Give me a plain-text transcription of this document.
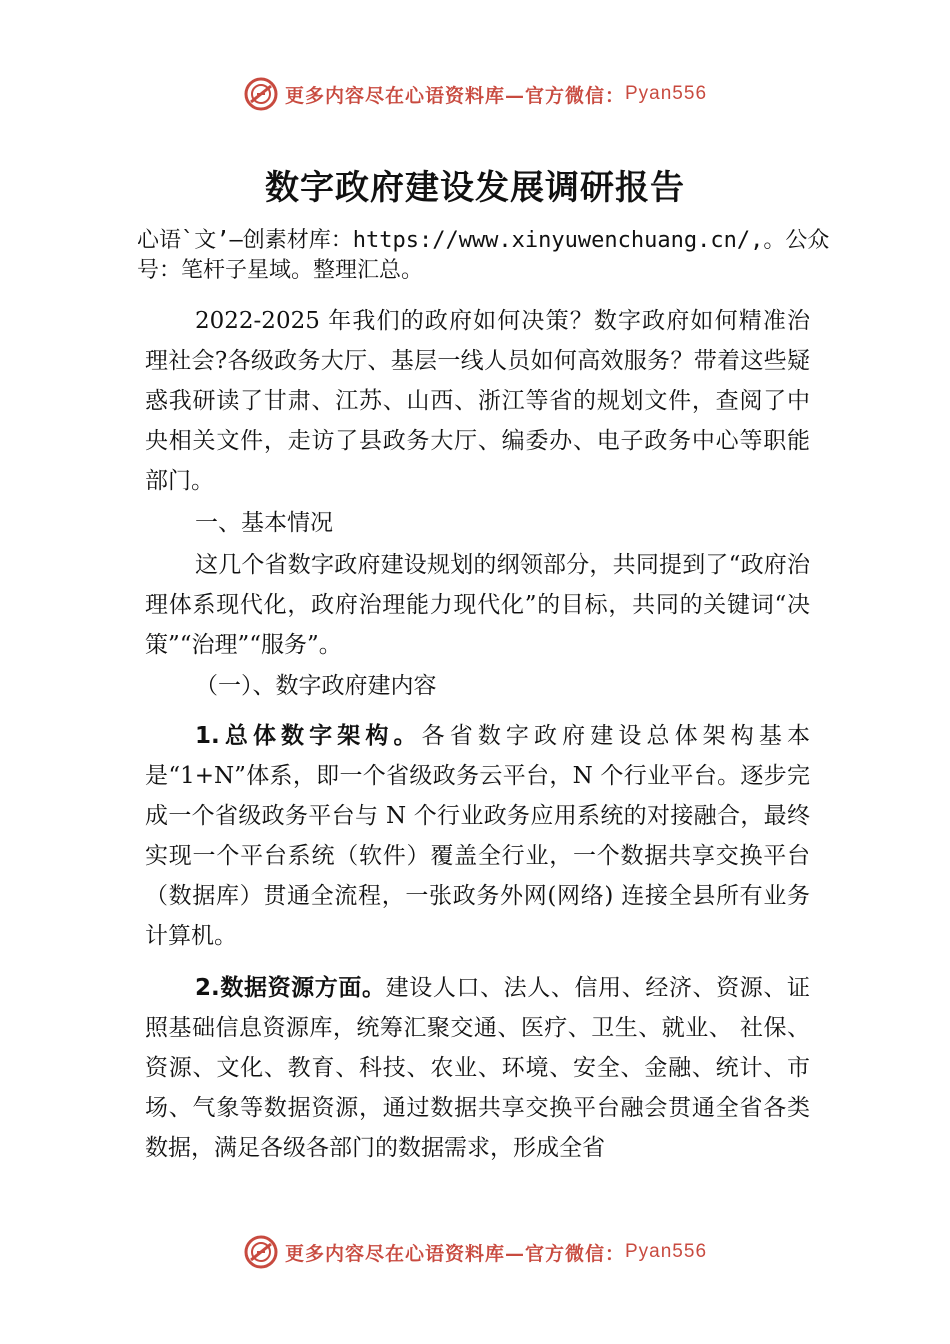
更多内容尽在心语资料库—官方微信： Pyan556
数字政府建设发展调研报告
心语`文’—创素材库：https://www.xinyuwenchuang.cn/,。公众号：笔杆子星域。整理汇总。
2022-2025 年我们的政府如何决策？数字政府如何精准治理社会?各级政务大厅、基层一线人员如何高效服务？带着这些疑惑我研读了甘肃、江苏、山西、浙江等省的规划文件，查阅了中央相关文件，走访了县政务大厅、编委办、电子政务中心等职能部门。
一、基本情况
这几个省数字政府建设规划的纲领部分，共同提到了“政府治理体系现代化，政府治理能力现代化”的目标，共同的关键词“决策”“治理”“服务”。
（一）、数字政府建内容
1.总体数字架构。各省数字政府建设总体架构基本是“1+N”体系，即一个省级政务云平台，N 个行业平台。逐步完成一个省级政务平台与 N 个行业政务应用系统的对接融合，最终实现一个平台系统（软件）覆盖全行业，一个数据共享交换平台（数据库）贯通全流程，一张政务外网(网络) 连接全县所有业务计算机。
2.数据资源方面。建设人口、法人、信用、经济、资源、证照基础信息资源库，统筹汇聚交通、医疗、卫生、就业、 社保、资源、文化、教育、科技、农业、环境、安全、金融、统计、市场、气象等数据资源，通过数据共享交换平台融会贯通全省各类数据，满足各级各部门的数据需求，形成全省
更多内容尽在心语资料库—官方微信： Pyan556
